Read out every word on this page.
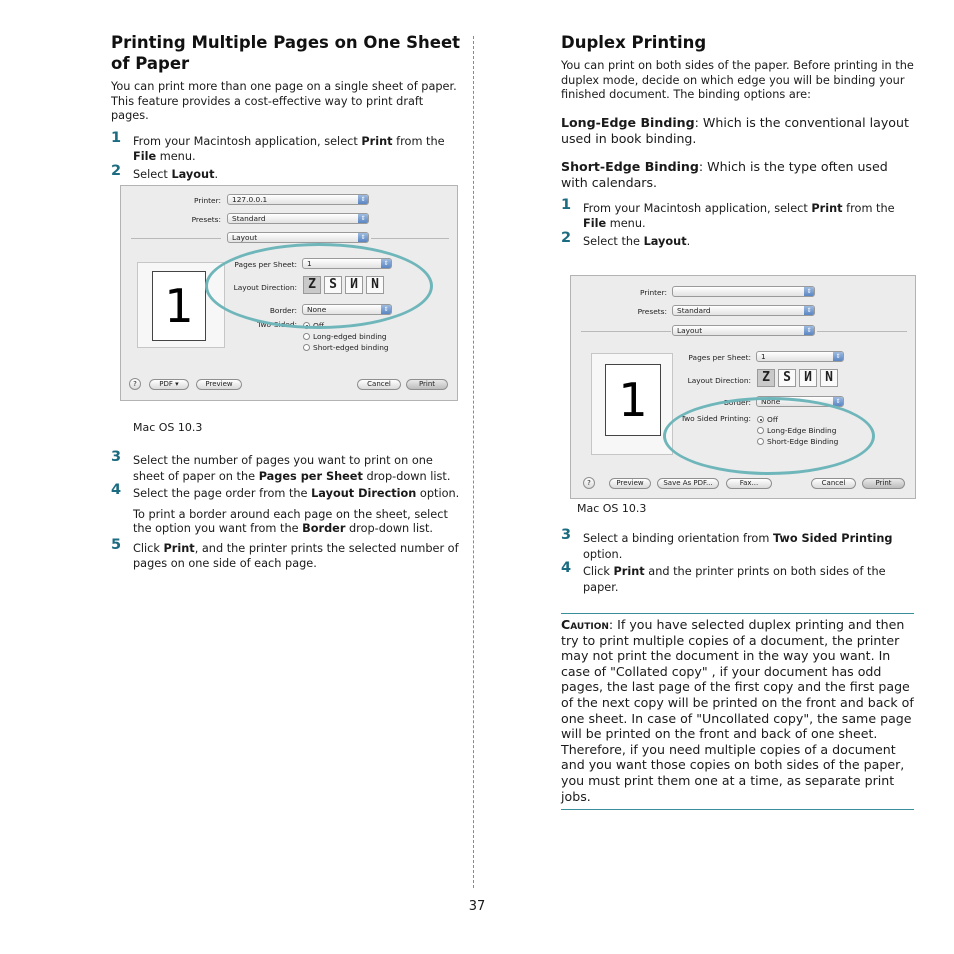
Printing Multiple Pages on One Sheet of Paper

You can print more than one page on a single sheet of paper. This feature provides a cost-effective way to print draft pages.

1 From your Macintosh application, select Print from the File menu.
2 Select Layout.
Printer:	127.0.0.1	⇕
Presets:	Standard	⇕
Layout	⇕
1
Pages per Sheet:	1	⇕
Layout Direction: Z	S	И	N
Border:	None	⇕
Two-Sided: Off
Long-edged binding
Short-edged binding
?	PDF ▾	Preview	Cancel	Print

Mac OS 10.3

3 Select the number of pages you want to print on one sheet of paper on the Pages per Sheet drop-down list.
4 Select the page order from the Layout Direction option.
To print a border around each page on the sheet, select the option you want from the Border drop-down list.
5 Click Print, and the printer prints the selected number of pages on one side of each page.
Duplex Printing

You can print on both sides of the paper. Before printing in the duplex mode, decide on which edge you will be binding your finished document. The binding options are:

Long-Edge Binding: Which is the conventional layout used in book binding.

Short-Edge Binding: Which is the type often used with calendars.

1 From your Macintosh application, select Print from the File menu.
2 Select the Layout.
Printer:	⇕
Presets:	Standard	⇕
Layout	⇕
1
Pages per Sheet:	1	⇕
Layout Direction: Z	S	И	N
Border:	None	⇕
Two Sided Printing: Off
Long-Edge Binding
Short-Edge Binding
?	Preview	Save As PDF...	Fax...	Cancel	Print

Mac OS 10.3

3 Select a binding orientation from Two Sided Printing option.
4 Click Print and the printer prints on both sides of the paper.
Caution: If you have selected duplex printing and then try to print multiple copies of a document, the printer may not print the document in the way you want. In case of "Collated copy" , if your document has odd pages, the last page of the first copy and the first page of the next copy will be printed on the front and back of one sheet. In case of "Uncollated copy", the same page will be printed on the front and back of one sheet. Therefore, if you need multiple copies of a document and you want those copies on both sides of the paper, you must print them one at a time, as separate print jobs.
37
